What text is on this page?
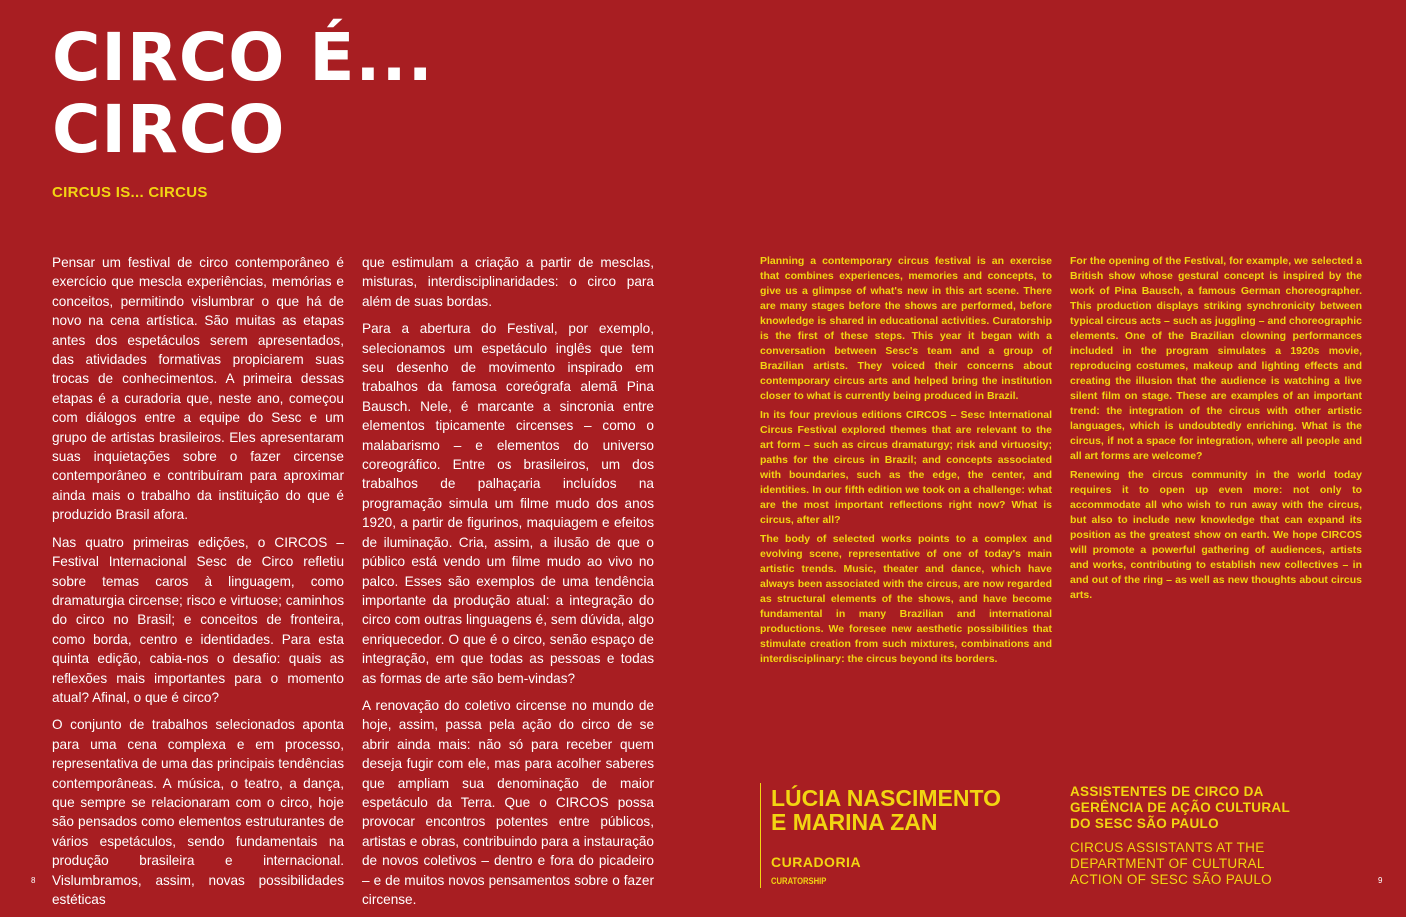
CIRCO É...
CIRCO
CIRCUS IS... CIRCUS

Pensar um festival de circo contemporâneo é exercício que mescla experiências, memórias e conceitos, permitindo vislumbrar o que há de novo na cena artística. São muitas as etapas antes dos espetáculos serem apresentados, das atividades formativas propiciarem suas trocas de conhecimentos. A primeira dessas etapas é a curadoria que, neste ano, começou com diálogos entre a equipe do Sesc e um grupo de artistas brasileiros. Eles apresentaram suas inquietações sobre o fazer circense contemporâneo e contribuíram para aproximar ainda mais o trabalho da instituição do que é produzido Brasil afora.

Nas quatro primeiras edições, o CIRCOS – Festival Internacional Sesc de Circo refletiu sobre temas caros à linguagem, como dramaturgia circense; risco e virtuose; caminhos do circo no Brasil; e conceitos de fronteira, como borda, centro e identidades. Para esta quinta edição, cabia-nos o desafio: quais as reflexões mais importantes para o momento atual? Afinal, o que é circo?

O conjunto de trabalhos selecionados aponta para uma cena complexa e em processo, representativa de uma das principais tendências contemporâneas. A música, o teatro, a dança, que sempre se relacionaram com o circo, hoje são pensados como elementos estruturantes de vários espetáculos, sendo fundamentais na produção brasileira e internacional. Vislumbramos, assim, novas possibilidades estéticas

que estimulam a criação a partir de mesclas, misturas, interdisciplinaridades: o circo para além de suas bordas.

Para a abertura do Festival, por exemplo, selecionamos um espetáculo inglês que tem seu desenho de movimento inspirado em trabalhos da famosa coreógrafa alemã Pina Bausch. Nele, é marcante a sincronia entre elementos tipicamente circenses – como o malabarismo – e elementos do universo coreográfico. Entre os brasileiros, um dos trabalhos de palhaçaria incluídos na programação simula um filme mudo dos anos 1920, a partir de figurinos, maquiagem e efeitos de iluminação. Cria, assim, a ilusão de que o público está vendo um filme mudo ao vivo no palco. Esses são exemplos de uma tendência importante da produção atual: a integração do circo com outras linguagens é, sem dúvida, algo enriquecedor. O que é o circo, senão espaço de integração, em que todas as pessoas e todas as formas de arte são bem-vindas?

A renovação do coletivo circense no mundo de hoje, assim, passa pela ação do circo de se abrir ainda mais: não só para receber quem deseja fugir com ele, mas para acolher saberes que ampliam sua denominação de maior espetáculo da Terra. Que o CIRCOS possa provocar encontros potentes entre públicos, artistas e obras, contribuindo para a instauração de novos coletivos – dentro e fora do picadeiro – e de muitos novos pensamentos sobre o fazer circense.

Planning a contemporary circus festival is an exercise that combines experiences, memories and concepts, to give us a glimpse of what's new in this art scene. There are many stages before the shows are performed, before knowledge is shared in educational activities. Curatorship is the first of these steps. This year it began with a conversation between Sesc's team and a group of Brazilian artists. They voiced their concerns about contemporary circus arts and helped bring the institution closer to what is currently being produced in Brazil.

In its four previous editions CIRCOS – Sesc International Circus Festival explored themes that are relevant to the art form – such as circus dramaturgy; risk and virtuosity; paths for the circus in Brazil; and concepts associated with boundaries, such as the edge, the center, and identities. In our fifth edition we took on a challenge: what are the most important reflections right now? What is circus, after all?

The body of selected works points to a complex and evolving scene, representative of one of today's main artistic trends. Music, theater and dance, which have always been associated with the circus, are now regarded as structural elements of the shows, and have become fundamental in many Brazilian and international productions. We foresee new aesthetic possibilities that stimulate creation from such mixtures, combinations and interdisciplinary: the circus beyond its borders.

For the opening of the Festival, for example, we selected a British show whose gestural concept is inspired by the work of Pina Bausch, a famous German choreographer. This production displays striking synchronicity between typical circus acts – such as juggling – and choreographic elements. One of the Brazilian clowning performances included in the program simulates a 1920s movie, reproducing costumes, makeup and lighting effects and creating the illusion that the audience is watching a live silent film on stage. These are examples of an important trend: the integration of the circus with other artistic languages, which is undoubtedly enriching. What is the circus, if not a space for integration, where all people and all art forms are welcome?

Renewing the circus community in the world today requires it to open up even more: not only to accommodate all who wish to run away with the circus, but also to include new knowledge that can expand its position as the greatest show on earth. We hope CIRCOS will promote a powerful gathering of audiences, artists and works, contributing to establish new collectives – in and out of the ring – as well as new thoughts about circus arts.

LÚCIA NASCIMENTO
E MARINA ZAN
CURADORIA
CURATORSHIP
ASSISTENTES DE CIRCO DA
GERÊNCIA DE AÇÃO CULTURAL
DO SESC SÃO PAULO
CIRCUS ASSISTANTS AT THE
DEPARTMENT OF CULTURAL
ACTION OF SESC SÃO PAULO
8	9
